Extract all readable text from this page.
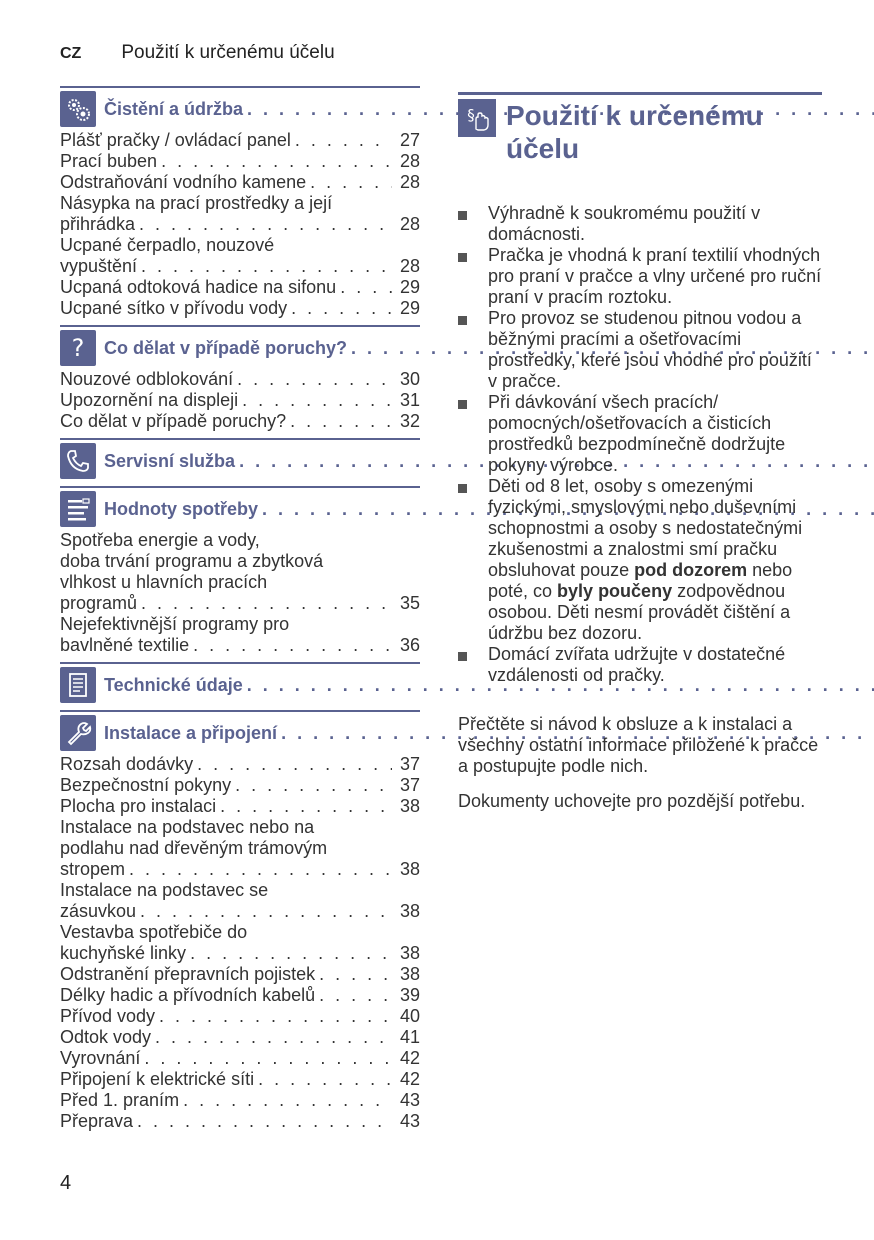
CZ Použití k určenému účelu
Čistění a údržba
. . .
Plášť pračky / ovládací panel . . .	27
Prací buben . . .	28
Odstraňování vodního kamene . . .	28
Násypka na prací prostředky a její
přihrádka . . .	28
Ucpané čerpadlo, nouzové
vypuštění . . .	28
Ucpaná odtoková hadice na sifonu . . .	29
Ucpané sítko v přívodu vody . . .	29
? Co dělat v případě poruchy?
. . .
Nouzové odblokování . . .	30
Upozornění na displeji . . .	31
Co dělat v případě poruchy? . . .	32
Servisní služba
. . .
Hodnoty spotřeby
. . .
Spotřeba energie a vody,
doba trvání programu a zbytková
vlhkost u hlavních pracích
programů . . .	35
Nejefektivnější programy pro
bavlněné textilie . . .	36
Technické údaje
. . .
Instalace a připojení
. . .
Rozsah dodávky . . .	37
Bezpečnostní pokyny . . .	37
Plocha pro instalaci . . .	38
Instalace na podstavec nebo na
podlahu nad dřevěným trámovým
stropem . . .	38
Instalace na podstavec se
zásuvkou . . .	38
Vestavba spotřebiče do
kuchyňské linky . . .	38
Odstranění přepravních pojistek . . .	38
Délky hadic a přívodních kabelů . . .	39
Přívod vody . . .	40
Odtok vody . . .	41
Vyrovnání . . .	42
Připojení k elektrické síti . . .	42
Před 1. praním . . .	43
Přeprava . . .	43
§ Použití k určenému účelu
Výhradně k soukromému použití v domácnosti.
Pračka je vhodná k praní textilií vhodných pro praní v pračce a vlny určené pro ruční praní v pracím roztoku.
Pro provoz se studenou pitnou vodou a běžnými pracími a ošetřovacími prostředky, které jsou vhodné pro použití v pračce.
Při dávkování všech pracích/ pomocných/ošetřovacích a čisticích prostředků bezpodmínečně dodržujte pokyny výrobce.
Děti od 8 let, osoby s omezenými fyzickými, smyslovými nebo duševními schopnostmi a osoby s nedostatečnými zkušenostmi a znalostmi smí pračku obsluhovat pouze pod dozorem nebo poté, co byly poučeny zodpovědnou osobou. Děti nesmí provádět čištění a údržbu bez dozoru.
Domácí zvířata udržujte v dostatečné vzdálenosti od pračky.

Přečtěte si návod k obsluze a k instalaci a všechny ostatní informace přiložené k pračce a postupujte podle nich.

Dokumenty uchovejte pro pozdější potřebu.

4
